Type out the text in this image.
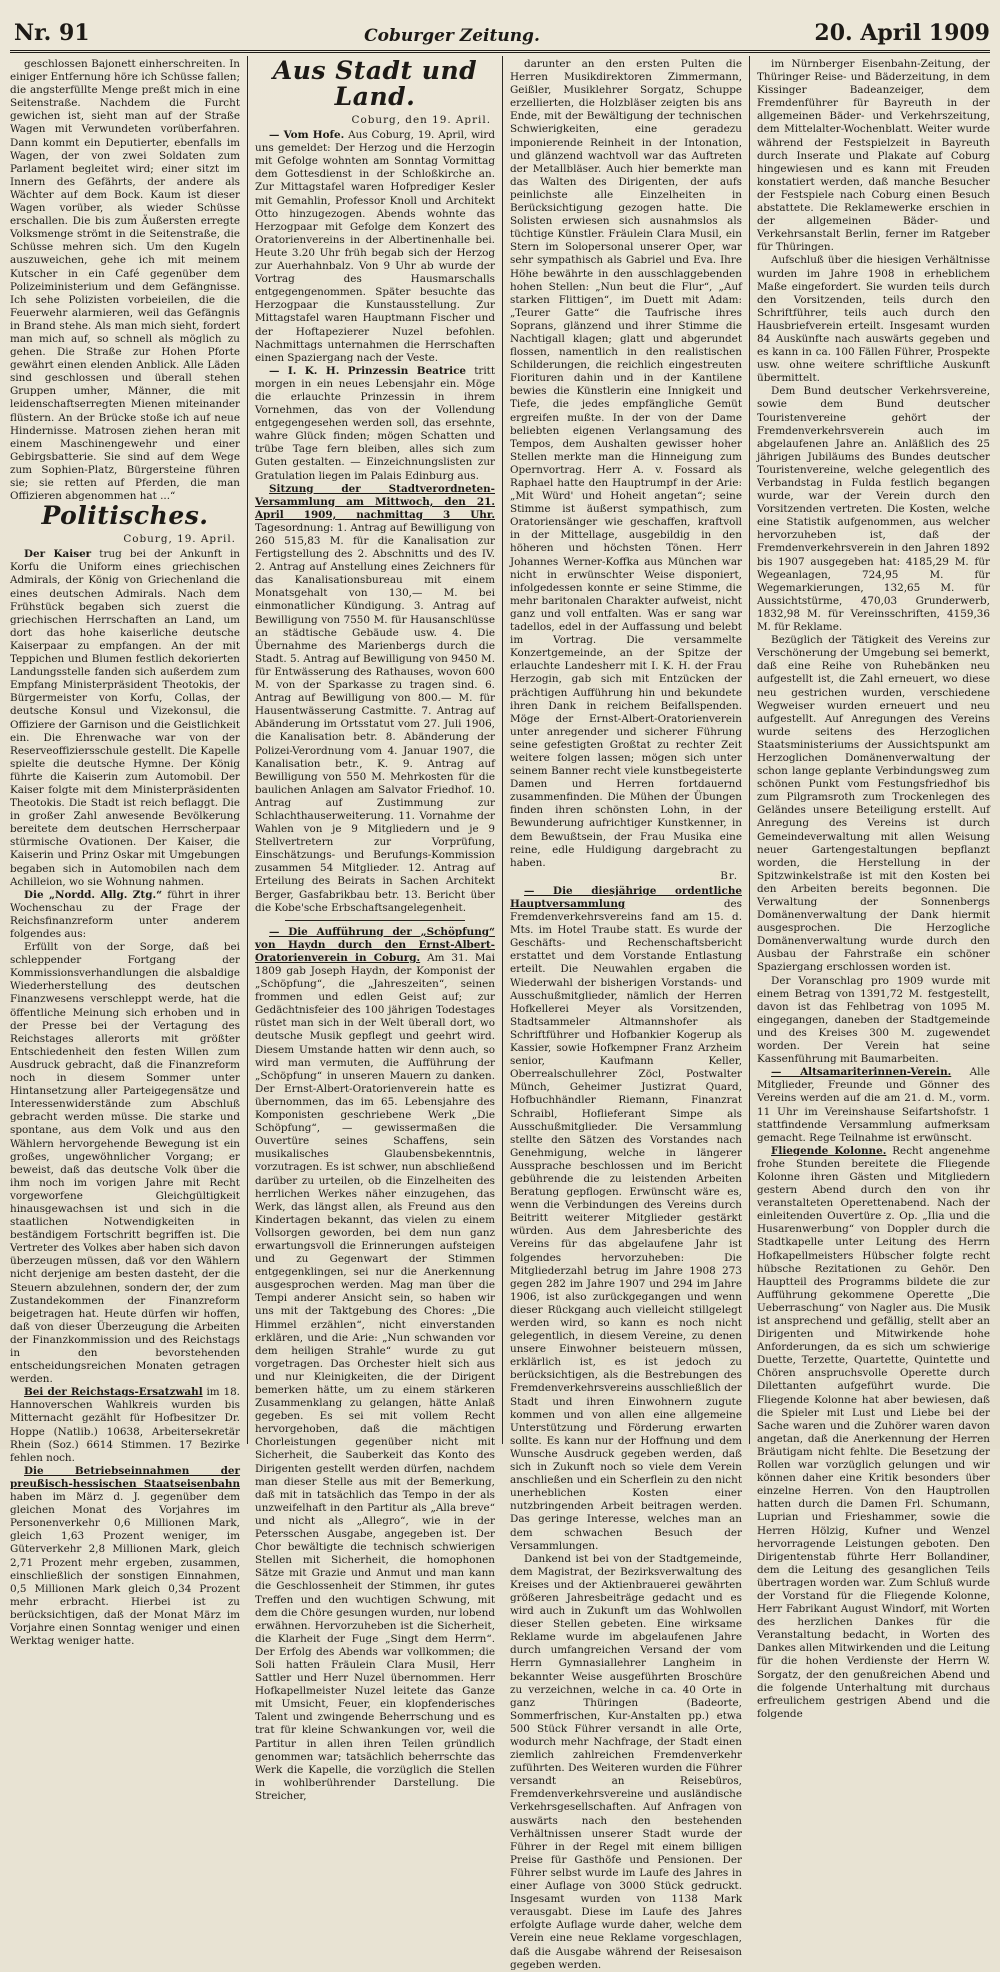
Nr. 91	Coburger Zeitung.	20. April 1909

geschlossen Bajonett einherschreiten. In einiger Entfernung höre ich Schüsse fallen; die angsterfüllte Menge preßt mich in eine Seitenstraße. Nachdem die Furcht gewichen ist, sieht man auf der Straße Wagen mit Verwundeten vorüberfahren. Dann kommt ein Deputierter, ebenfalls im Wagen, der von zwei Soldaten zum Parlament begleitet wird; einer sitzt im Innern des Gefährts, der andere als Wächter auf dem Bock. Kaum ist dieser Wagen vorüber, als wieder Schüsse erschallen. Die bis zum Äußersten erregte Volksmenge strömt in die Seitenstraße, die Schüsse mehren sich. Um den Kugeln auszuweichen, gehe ich mit meinem Kutscher in ein Café gegenüber dem Polizeiministerium und dem Gefängnisse. Ich sehe Polizisten vorbeieilen, die die Feuerwehr alarmieren, weil das Gefängnis in Brand stehe. Als man mich sieht, fordert man mich auf, so schnell als möglich zu gehen. Die Straße zur Hohen Pforte gewährt einen elenden Anblick. Alle Läden sind geschlossen und überall stehen Gruppen umher, Männer, die mit leidenschaftserregten Mienen miteinander flüstern. An der Brücke stoße ich auf neue Hindernisse. Matrosen ziehen heran mit einem Maschinengewehr und einer Gebirgsbatterie. Sie sind auf dem Wege zum Sophien-Platz, Bürgersteine führen sie; sie retten auf Pferden, die man Offizieren abgenommen hat ...“

Politisches.
Coburg, 19. April.

Der Kaiser trug bei der Ankunft in Korfu die Uniform eines griechischen Admirals, der König von Griechenland die eines deutschen Admirals. Nach dem Frühstück begaben sich zuerst die griechischen Herrschaften an Land, um dort das hohe kaiserliche deutsche Kaiserpaar zu empfangen. An der mit Teppichen und Blumen festlich dekorierten Landungsstelle fanden sich außerdem zum Empfang Ministerpräsident Theotokis, der Bürgermeister von Korfu, Collas, der deutsche Konsul und Vizekonsul, die Offiziere der Garnison und die Geistlichkeit ein. Die Ehrenwache war von der Reserveoffiziersschule gestellt. Die Kapelle spielte die deutsche Hymne. Der König führte die Kaiserin zum Automobil. Der Kaiser folgte mit dem Ministerpräsidenten Theotokis. Die Stadt ist reich beflaggt. Die in großer Zahl anwesende Bevölkerung bereitete dem deutschen Herrscherpaar stürmische Ovationen. Der Kaiser, die Kaiserin und Prinz Oskar mit Umgebungen begaben sich in Automobilen nach dem Achilleion, wo sie Wohnung nahmen.

Die „Nordd. Allg. Ztg.“ führt in ihrer Wochenschau zu der Frage der Reichsfinanzreform unter anderem folgendes aus:

Erfüllt von der Sorge, daß bei schleppender Fortgang der Kommissionsverhandlungen die alsbaldige Wiederherstellung des deutschen Finanzwesens verschleppt werde, hat die öffentliche Meinung sich erhoben und in der Presse bei der Vertagung des Reichstages allerorts mit größter Entschiedenheit den festen Willen zum Ausdruck gebracht, daß die Finanzreform noch in diesem Sommer unter Hintansetzung aller Parteigegensätze und Interessenwiderstände zum Abschluß gebracht werden müsse. Die starke und spontane, aus dem Volk und aus den Wählern hervorgehende Bewegung ist ein großes, ungewöhnlicher Vorgang; er beweist, daß das deutsche Volk über die ihm noch im vorigen Jahre mit Recht vorgeworfene Gleichgültigkeit hinausgewachsen ist und sich in die staatlichen Notwendigkeiten in beständigem Fortschritt begriffen ist. Die Vertreter des Volkes aber haben sich davon überzeugen müssen, daß vor den Wählern nicht derjenige am besten dasteht, der die Steuern abzulehnen, sondern der, der zum Zustandekommen der Finanzreform beigetragen hat. Heute dürfen wir hoffen, daß von dieser Überzeugung die Arbeiten der Finanzkommission und des Reichstags in den bevorstehenden entscheidungsreichen Monaten getragen werden.

Bei der Reichstags-Ersatzwahl im 18. Hannoverschen Wahlkreis wurden bis Mitternacht gezählt für Hofbesitzer Dr. Hoppe (Natlib.) 10638, Arbeitersekretär Rhein (Soz.) 6614 Stimmen. 17 Bezirke fehlen noch.

Die Betriebseinnahmen der preußisch-hessischen Staatseisenbahn haben im März d. J. gegenüber dem gleichen Monat des Vorjahres im Personenverkehr 0,6 Millionen Mark, gleich 1,63 Prozent weniger, im Güterverkehr 2,8 Millionen Mark, gleich 2,71 Prozent mehr ergeben, zusammen, einschließlich der sonstigen Einnahmen, 0,5 Millionen Mark gleich 0,34 Prozent mehr erbracht. Hierbei ist zu berücksichtigen, daß der Monat März im Vorjahre einen Sonntag weniger und einen Werktag weniger hatte.

Aus Stadt und Land.
Coburg, den 19. April.

— Vom Hofe. Aus Coburg, 19. April, wird uns gemeldet: Der Herzog und die Herzogin mit Gefolge wohnten am Sonntag Vormittag dem Gottesdienst in der Schloßkirche an. Zur Mittagstafel waren Hofprediger Kesler mit Gemahlin, Professor Knoll und Architekt Otto hinzugezogen. Abends wohnte das Herzogpaar mit Gefolge dem Konzert des Oratorienvereins in der Albertinenhalle bei. Heute 3.20 Uhr früh begab sich der Herzog zur Auerhahnbalz. Von 9 Uhr ab wurde der Vortrag des Hausmarschalls entgegengenommen. Später besuchte das Herzogpaar die Kunstausstellung. Zur Mittagstafel waren Hauptmann Fischer und der Hoftapezierer Nuzel befohlen. Nachmittags unternahmen die Herrschaften einen Spaziergang nach der Veste.

— I. K. H. Prinzessin Beatrice tritt morgen in ein neues Lebensjahr ein. Möge die erlauchte Prinzessin in ihrem Vornehmen, das von der Vollendung entgegengesehen werden soll, das ersehnte, wahre Glück finden; mögen Schatten und trübe Tage fern bleiben, alles sich zum Guten gestalten. — Einzeichnungslisten zur Gratulation liegen im Palais Edinburg aus.

Sitzung der Stadtverordneten-Versammlung am Mittwoch, den 21. April 1909, nachmittag 3 Uhr. Tagesordnung: 1. Antrag auf Bewilligung von 260 515,83 M. für die Kanalisation zur Fertigstellung des 2. Abschnitts und des IV. 2. Antrag auf Anstellung eines Zeichners für das Kanalisationsbureau mit einem Monatsgehalt von 130,— M. bei einmonatlicher Kündigung. 3. Antrag auf Bewilligung von 7550 M. für Hausanschlüsse an städtische Gebäude usw. 4. Die Übernahme des Marienbergs durch die Stadt. 5. Antrag auf Bewilligung von 9450 M. für Entwässerung des Rathauses, wovon 600 M. von der Sparkasse zu tragen sind. 6. Antrag auf Bewilligung von 800.— M. für Hausentwässerung Castmitte. 7. Antrag auf Abänderung im Ortsstatut vom 27. Juli 1906, die Kanalisation betr. 8. Abänderung der Polizei-Verordnung vom 4. Januar 1907, die Kanalisation betr., K. 9. Antrag auf Bewilligung von 550 M. Mehrkosten für die baulichen Anlagen am Salvator Friedhof. 10. Antrag auf Zustimmung zur Schlachthauserweiterung. 11. Vornahme der Wahlen von je 9 Mitgliedern und je 9 Stellvertretern zur Vorprüfung, Einschätzungs- und Berufungs-Kommission zusammen 54 Mitglieder. 12. Antrag auf Erteilung des Beirats in Sachen Architekt Berger, Gasfabrikbau betr. 13. Bericht über die Kobe'sche Erbschaftsangelegenheit.

— Die Aufführung der „Schöpfung“ von Haydn durch den Ernst-Albert-Oratorienverein in Coburg. Am 31. Mai 1809 gab Joseph Haydn, der Komponist der „Schöpfung“, die „Jahreszeiten“, seinen frommen und edlen Geist auf; zur Gedächtnisfeier des 100 jährigen Todestages rüstet man sich in der Welt überall dort, wo deutsche Musik gepflegt und geehrt wird. Diesem Umstande hatten wir denn auch, so wird man vermuten, die Aufführung der „Schöpfung“ in unseren Mauern zu danken. Der Ernst-Albert-Oratorienverein hatte es übernommen, das im 65. Lebensjahre des Komponisten geschriebene Werk „Die Schöpfung“, — gewissermaßen die Ouvertüre seines Schaffens, sein musikalisches Glaubensbekenntnis, vorzutragen. Es ist schwer, nun abschließend darüber zu urteilen, ob die Einzelheiten des herrlichen Werkes näher einzugehen, das Werk, das längst allen, als Freund aus den Kindertagen bekannt, das vielen zu einem Vollsorgen geworden, bei dem nun ganz erwartungsvoll die Erinnerungen aufsteigen und zu Gegenwart der Stimmen entgegenklingen, sei nur die Anerkennung ausgesprochen werden. Mag man über die Tempi anderer Ansicht sein, so haben wir uns mit der Taktgebung des Chores: „Die Himmel erzählen“, nicht einverstanden erklären, und die Arie: „Nun schwanden vor dem heiligen Strahle“ wurde zu gut vorgetragen. Das Orchester hielt sich aus und nur Kleinigkeiten, die der Dirigent bemerken hätte, um zu einem stärkeren Zusammenklang zu gelangen, hätte Anlaß gegeben. Es sei mit vollem Recht hervorgehoben, daß die mächtigen Chorleistungen gegenüber nicht mit Sicherheit, die Sauberkeit das Konto des Dirigenten gestellt werden dürfen, nachdem man dieser Stelle aus mit der Bemerkung, daß mit in tatsächlich das Tempo in der als unzweifelhaft in den Partitur als „Alla breve“ und nicht als „Allegro“, wie in der Petersschen Ausgabe, angegeben ist. Der Chor bewältigte die technisch schwierigen Stellen mit Sicherheit, die homophonen Sätze mit Grazie und Anmut und man kann die Geschlossenheit der Stimmen, ihr gutes Treffen und den wuchtigen Schwung, mit dem die Chöre gesungen wurden, nur lobend erwähnen. Hervorzuheben ist die Sicherheit, die Klarheit der Fuge „Singt dem Herrn“. Der Erfolg des Abends war vollkommen; die Soli hatten Fräulein Clara Musil, Herr Sattler und Herr Nuzel übernommen. Herr Hofkapellmeister Nuzel leitete das Ganze mit Umsicht, Feuer, ein klopfenderisches Talent und zwingende Beherrschung und es trat für kleine Schwankungen vor, weil die Partitur in allen ihren Teilen gründlich genommen war; tatsächlich beherrschte das Werk die Kapelle, die vorzüglich die Stellen in wohlberührender Darstellung. Die Streicher,

darunter an den ersten Pulten die Herren Musikdirektoren Zimmermann, Geißler, Musiklehrer Sorgatz, Schuppe erzellierten, die Holzbläser zeigten bis ans Ende, mit der Bewältigung der technischen Schwierigkeiten, eine geradezu imponierende Reinheit in der Intonation, und glänzend wachtvoll war das Auftreten der Metallbläser. Auch hier bemerkte man das Walten des Dirigenten, der aufs peinlichste alle Einzelheiten in Berücksichtigung gezogen hatte. Die Solisten erwiesen sich ausnahmslos als tüchtige Künstler. Fräulein Clara Musil, ein Stern im Solopersonal unserer Oper, war sehr sympathisch als Gabriel und Eva. Ihre Höhe bewährte in den ausschlaggebenden hohen Stellen: „Nun beut die Flur“, „Auf starken Flittigen“, im Duett mit Adam: „Teurer Gatte“ die Taufrische ihres Soprans, glänzend und ihrer Stimme die Nachtigall klagen; glatt und abgerundet flossen, namentlich in den realistischen Schilderungen, die reichlich eingestreuten Fiorituren dahin und in der Kantilene bewies die Künstlerin eine Innigkeit und Tiefe, die jedes empfängliche Gemüt ergreifen mußte. In der von der Dame beliebten eigenen Verlangsamung des Tempos, dem Aushalten gewisser hoher Stellen merkte man die Hinneigung zum Opernvortrag. Herr A. v. Fossard als Raphael hatte den Hauptrumpf in der Arie: „Mit Würd' und Hoheit angetan“; seine Stimme ist äußerst sympathisch, zum Oratoriensänger wie geschaffen, kraftvoll in der Mittellage, ausgebildig in den höheren und höchsten Tönen. Herr Johannes Werner-Koffka aus München war nicht in erwünschter Weise disponiert, infolgedessen konnte er seine Stimme, die mehr baritonalen Charakter aufweist, nicht ganz und voll entfalten. Was er sang war tadellos, edel in der Auffassung und belebt im Vortrag. Die versammelte Konzertgemeinde, an der Spitze der erlauchte Landesherr mit I. K. H. der Frau Herzogin, gab sich mit Entzücken der prächtigen Aufführung hin und bekundete ihren Dank in reichem Beifallspenden. Möge der Ernst-Albert-Oratorienverein unter anregender und sicherer Führung seine gefestigten Großtat zu rechter Zeit weitere folgen lassen; mögen sich unter seinem Banner recht viele kunstbegeisterte Damen und Herren fortdauernd zusammenfinden. Die Mühen der Übungen finden ihren schönsten Lohn, in der Bewunderung aufrichtiger Kunstkenner, in dem Bewußtsein, der Frau Musika eine reine, edle Huldigung dargebracht zu haben.

Br.

— Die diesjährige ordentliche Hauptversammlung	des Fremdenverkehrsvereins fand am 15. d. Mts. im Hotel Traube statt. Es wurde der Geschäfts- und Rechenschaftsbericht erstattet und dem Vorstande Entlastung erteilt. Die Neuwahlen ergaben die Wiederwahl der bisherigen Vorstands- und Ausschußmitglieder, nämlich der Herren Hofkellerei Meyer als Vorsitzenden, Stadtsammeler Altmannshofer als Schriftführer und Hofbankier Kogerup als Kassier, sowie Hofkempner Franz Arzheim senior, Kaufmann Keller, Oberrealschullehrer Zöcl, Postwalter Münch, Geheimer Justizrat Quard, Hofbuchhändler Riemann, Finanzrat Schraibl, Hoflieferant Simpe als Ausschußmitglieder. Die Versammlung stellte den Sätzen des Vorstandes nach Genehmigung, welche in längerer Aussprache beschlossen und im Bericht gebührende die zu leistenden Arbeiten Beratung gepflogen. Erwünscht wäre es, wenn die Verbindungen des Vereins durch Beitritt weiterer Mitglieder gestärkt würden. Aus dem Jahresberichte des Vereins für das abgelaufene Jahr ist folgendes hervorzuheben: Die Mitgliederzahl betrug im Jahre 1908 273 gegen 282 im Jahre 1907 und 294 im Jahre 1906, ist also zurückgegangen und wenn dieser Rückgang auch vielleicht stillgelegt werden wird, so kann es noch nicht gelegentlich, in diesem Vereine, zu denen unsere Einwohner beisteuern müssen, erklärlich ist, es ist jedoch zu berücksichtigen, als die Bestrebungen des Fremdenverkehrsvereins ausschließlich der Stadt und ihren Einwohnern zugute kommen und von allen eine allgemeine Unterstützung und Förderung erwarten sollte. Es kann nur der Hoffnung und dem Wunsche Ausdruck gegeben werden, daß sich in Zukunft noch so viele dem Verein anschließen und ein Scherflein zu den nicht unerheblichen Kosten einer nutzbringenden Arbeit beitragen werden. Das geringe Interesse, welches man an dem schwachen Besuch der Versammlungen.

Dankend ist bei von der Stadtgemeinde, dem Magistrat, der Bezirksverwaltung des Kreises und der Aktienbrauerei gewährten größeren Jahresbeiträge gedacht und es wird auch in Zukunft um das Wohlwollen dieser Stellen gebeten. Eine wirksame Reklame wurde im abgelaufenen Jahre durch umfangreichen Versand der vom Herrn Gymnasiallehrer Langheim in bekannter Weise ausgeführten Broschüre zu verzeichnen, welche in ca. 40 Orte in ganz Thüringen (Badeorte, Sommerfrischen, Kur-Anstalten pp.) etwa 500 Stück Führer versandt in alle Orte, wodurch mehr Nachfrage, der Stadt einen ziemlich zahlreichen Fremdenverkehr zuführten. Des Weiteren wurden die Führer versandt an Reisebüros, Fremdenverkehrsvereine und ausländische Verkehrsgesellschaften. Auf Anfragen von auswärts nach den bestehenden Verhältnissen unserer Stadt wurde der Führer in der Regel mit einem billigen Preise für Gasthöfe und Pensionen. Der Führer selbst wurde im Laufe des Jahres in einer Auflage von 3000 Stück gedruckt. Insgesamt wurden von 1138 Mark verausgabt. Diese im Laufe des Jahres erfolgte Auflage wurde daher, welche dem Verein eine neue Reklame vorgeschlagen, daß die Ausgabe während der Reisesaison gegeben werden.

im Nürnberger Eisenbahn-Zeitung, der Thüringer Reise- und Bäderzeitung, in dem Kissinger Badeanzeiger, dem Fremdenführer für Bayreuth in der allgemeinen Bäder- und Verkehrszeitung, dem Mittelalter-Wochenblatt. Weiter wurde während der Festspielzeit in Bayreuth durch Inserate und Plakate auf Coburg hingewiesen und es kann mit Freuden konstatiert werden, daß manche Besucher der Festspiele nach Coburg einen Besuch abstattete. Die Reklamewerke erschien in der allgemeinen Bäder- und Verkehrsanstalt Berlin, ferner im Ratgeber für Thüringen.

Aufschluß über die hiesigen Verhältnisse wurden im Jahre 1908 in erheblichem Maße eingefordert. Sie wurden teils durch den Vorsitzenden, teils durch den Schriftführer, teils auch durch den Hausbriefverein erteilt. Insgesamt wurden 84 Auskünfte nach auswärts gegeben und es kann in ca. 100 Fällen Führer, Prospekte usw. ohne weitere schriftliche Auskunft übermittelt.

Dem Bund deutscher Verkehrsvereine, sowie dem Bund deutscher Touristenvereine gehört der Fremdenverkehrsverein auch im abgelaufenen Jahre an. Anläßlich des 25 jährigen Jubiläums des Bundes deutscher Touristenvereine, welche gelegentlich des Verbandstag in Fulda festlich begangen wurde, war der Verein durch den Vorsitzenden vertreten. Die Kosten, welche eine Statistik aufgenommen, aus welcher hervorzuheben ist, daß der Fremdenverkehrsverein in den Jahren 1892 bis 1907 ausgegeben hat: 4185,29 M. für Wegeanlagen, 724,95 M. für Wegemarkierungen, 132,65 M. für Aussichtstürme, 470,03 Grunderwerb, 1832,98 M. für Vereinsschriften, 4159,36 M. für Reklame.

Bezüglich der Tätigkeit des Vereins zur Verschönerung der Umgebung sei bemerkt, daß eine Reihe von Ruhebänken neu aufgestellt ist, die Zahl erneuert, wo diese neu gestrichen wurden, verschiedene Wegweiser wurden erneuert und neu aufgestellt. Auf Anregungen des Vereins wurde seitens des Herzoglichen Staatsministeriums der Aussichtspunkt am Herzoglichen Domänenverwaltung der schon lange geplante Verbindungsweg zum schönen Punkt vom Festungsfriedhof bis zum Pilgramsroth zum Trockenlegen des Geländes unsere Beteiligung erstellt. Auf Anregung des Vereins ist durch Gemeindeverwaltung mit allen Weisung neuer Gartengestaltungen bepflanzt worden, die Herstellung in der Spitzwinkelstraße ist mit den Kosten bei den Arbeiten bereits begonnen. Die Verwaltung der Sonnenbergs Domänenverwaltung der Dank hiermit ausgesprochen. Die Herzogliche Domänenverwaltung wurde durch den Ausbau der Fahrstraße ein schöner Spaziergang erschlossen worden ist.

Der Voranschlag pro 1909 wurde mit einem Betrag von 1391,72 M. festgestellt, davon ist das Fehlbetrag von 1095 M. eingegangen, daneben der Stadtgemeinde und des Kreises 300 M. zugewendet worden. Der Verein hat seine Kassenführung mit Baumarbeiten.

— Altsamariterinnen-Verein. Alle Mitglieder, Freunde und Gönner des Vereins werden auf die am 21. d. M., vorm. 11 Uhr im Vereinshause Seifartshofstr. 1 stattfindende Versammlung aufmerksam gemacht. Rege Teilnahme ist erwünscht.

Fliegende Kolonne. Recht angenehme frohe Stunden bereitete die Fliegende Kolonne ihren Gästen und Mitgliedern gestern Abend durch den von ihr veranstalteten Operettenabend. Nach der einleitenden Ouvertüre z. Op. „Ilia und die Husarenwerbung“ von Doppler durch die Stadtkapelle unter Leitung des Herrn Hofkapellmeisters Hübscher folgte recht hübsche Rezitationen zu Gehör. Den Hauptteil des Programms bildete die zur Aufführung gekommene Operette „Die Ueberraschung“ von Nagler aus. Die Musik ist ansprechend und gefällig, stellt aber an Dirigenten und Mitwirkende hohe Anforderungen, da es sich um schwierige Duette, Terzette, Quartette, Quintette und Chören anspruchsvolle Operette durch Dilettanten aufgeführt wurde. Die Fliegende Kolonne hat aber bewiesen, daß die Spieler mit Lust und Liebe bei der Sache waren und die Zuhörer waren davon angetan, daß die Anerkennung der Herren Bräutigam nicht fehlte. Die Besetzung der Rollen war vorzüglich gelungen und wir können daher eine Kritik besonders über einzelne Herren. Von den Hauptrollen hatten durch die Damen Frl. Schumann, Luprian und Frieshammer, sowie die Herren Hölzig, Kufner und Wenzel hervorragende Leistungen geboten. Den Dirigentenstab führte Herr Bollandiner, dem die Leitung des gesanglichen Teils übertragen worden war. Zum Schluß wurde der Vorstand für die Fliegende Kolonne, Herr Fabrikant August Windorf, mit Worten des herzlichen Dankes für die Veranstaltung bedacht, in Worten des Dankes allen Mitwirkenden und die Leitung für die hohen Verdienste der Herrn W. Sorgatz, der den genußreichen Abend und die folgende Unterhaltung mit durchaus erfreulichem gestrigen Abend und die folgende
